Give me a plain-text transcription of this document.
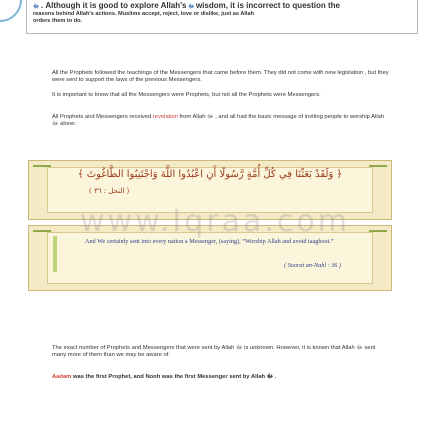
ﷻ . Although it is good to explore Allah's ﷻ wisdom, it is incorrect to question the
reasons behind Allah's actions. Muslims accept, reject, love or dislike, just as Allah
orders them to do.
All the Prophets followed the teachings of the Messengers that came before them. They did not come with new legislation , but they were sent to support the laws of the previous Messengers.
It is important to know that all the Messengers were Prophets, but not all the Prophets were Messengers.
All Prophets and Messengers received revelation from Allah ﷻ , and all had the basic message of inviting people to worship Allah ﷻ alone:
﴿ وَلَقَدْ بَعَثْنَا فِي كُلِّ أُمَّةٍ رَّسُولًا أَنِ اعْبُدُوا اللَّهَ وَاجْتَنِبُوا الطَّاغُوتَ ﴾
( النحل : ٣٦ )
And We certainly sent into every nation a Messenger, (saying), “Worship Allah and avoid taaghoot.”
( Soorat an-Nahl : 36 )
The exact number of Prophets and Messengers that were sent by Allah ﷻ is unknown. However, it is known that Allah ﷻ sent many more of them than we may be aware of.
Aadam was the first Prophet, and Nooh was the first Messenger sent by Allah ﷻ .
www.Iqraa.com
